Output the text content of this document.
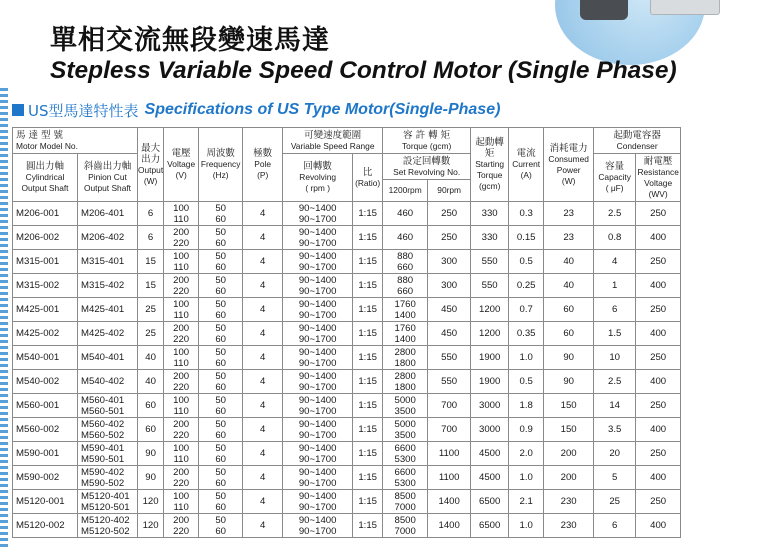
單相交流無段變速馬達
Stepless Variable Speed Control Motor (Single Phase)
US型馬達特性表 Specifications of US Type Motor(Single-Phase)
馬 達 型 號
Motor Model No.		最大
出力
Output
(W)	電壓
Voltage
(V)	周波數
Frequency
(Hz)	極數
Pole
(P)	可變速度範圍
Variable Speed Range		容 許 轉 矩
Torque (gcm)		起動轉矩
Starting
Torque
(gcm)	電流
Current
(A)	消耗電力
Consumed
Power
(W)	起動電容器
Condenser	

圓出力軸
Cylindrical
Output Shaft	斜齒出力軸
Pinion Cut
Output Shaft					回轉數
Revolving
( rpm )	比
(Ratio)	設定回轉數
Set Revolving No.					容量
Capacity
( μF)	耐電壓
Resistance
Voltage
(WV)

								1200rpm	90rpm					
M206-001	M206-401	6	100
110	50
60	4	90~1400
90~1700	1:15	460	250	330	0.3	23	2.5	250
M206-002	M206-402	6	200
220	50
60	4	90~1400
90~1700	1:15	460	250	330	0.15	23	0.8	400
M315-001	M315-401	15	100
110	50
60	4	90~1400
90~1700	1:15	880
660	300	550	0.5	40	4	250
M315-002	M315-402	15	200
220	50
60	4	90~1400
90~1700	1:15	880
660	300	550	0.25	40	1	400
M425-001	M425-401	25	100
110	50
60	4	90~1400
90~1700	1:15	1760
1400	450	1200	0.7	60	6	250
M425-002	M425-402	25	200
220	50
60	4	90~1400
90~1700	1:15	1760
1400	450	1200	0.35	60	1.5	400
M540-001	M540-401	40	100
110	50
60	4	90~1400
90~1700	1:15	2800
1800	550	1900	1.0	90	10	250
M540-002	M540-402	40	200
220	50
60	4	90~1400
90~1700	1:15	2800
1800	550	1900	0.5	90	2.5	400
M560-001	M560-401
M560-501	60	100
110	50
60	4	90~1400
90~1700	1:15	5000
3500	700	3000	1.8	150	14	250
M560-002	M560-402
M560-502	60	200
220	50
60	4	90~1400
90~1700	1:15	5000
3500	700	3000	0.9	150	3.5	400
M590-001	M590-401
M590-501	90	100
110	50
60	4	90~1400
90~1700	1:15	6600
5300	1100	4500	2.0	200	20	250
M590-002	M590-402
M590-502	90	200
220	50
60	4	90~1400
90~1700	1:15	6600
5300	1100	4500	1.0	200	5	400
M5120-001	M5120-401
M5120-501	120	100
110	50
60	4	90~1400
90~1700	1:15	8500
7000	1400	6500	2.1	230	25	250
M5120-002	M5120-402
M5120-502	120	200
220	50
60	4	90~1400
90~1700	1:15	8500
7000	1400	6500	1.0	230	6	400
